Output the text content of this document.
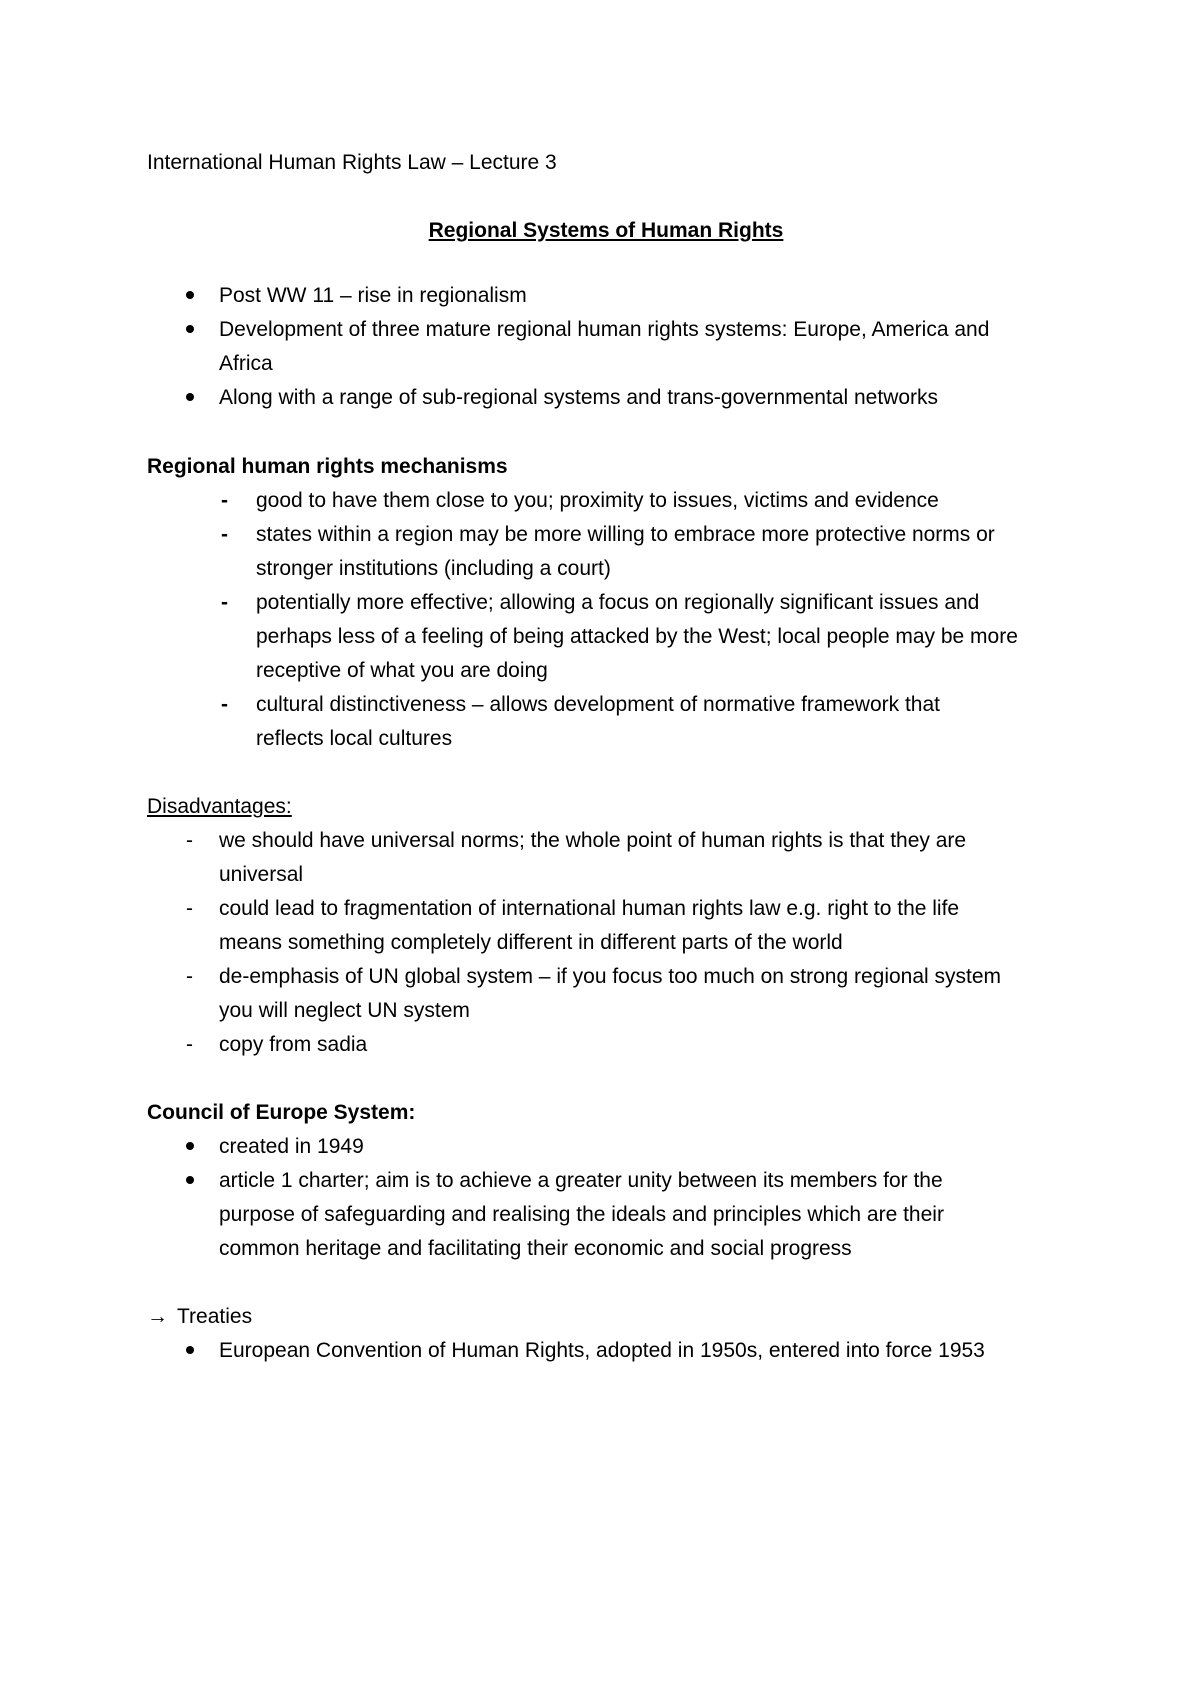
International Human Rights Law – Lecture 3
Regional Systems of Human Rights
Post WW 11 – rise in regionalism
Development of three mature regional human rights systems: Europe, America and
Africa
Along with a range of sub-regional systems and trans-governmental networks
Regional human rights mechanisms
- good to have them close to you; proximity to issues, victims and evidence
- states within a region may be more willing to embrace more protective norms or
stronger institutions (including a court)
- potentially more effective; allowing a focus on regionally significant issues and
perhaps less of a feeling of being attacked by the West; local people may be more
receptive of what you are doing
- cultural distinctiveness – allows development of normative framework that
reflects local cultures
Disadvantages:
- we should have universal norms; the whole point of human rights is that they are
universal
- could lead to fragmentation of international human rights law e.g. right to the life
means something completely different in different parts of the world
- de-emphasis of UN global system – if you focus too much on strong regional system
you will neglect UN system
- copy from sadia
Council of Europe System:
created in 1949
article 1 charter; aim is to achieve a greater unity between its members for the
purpose of safeguarding and realising the ideals and principles which are their
common heritage and facilitating their economic and social progress
→ Treaties
European Convention of Human Rights, adopted in 1950s, entered into force 1953
